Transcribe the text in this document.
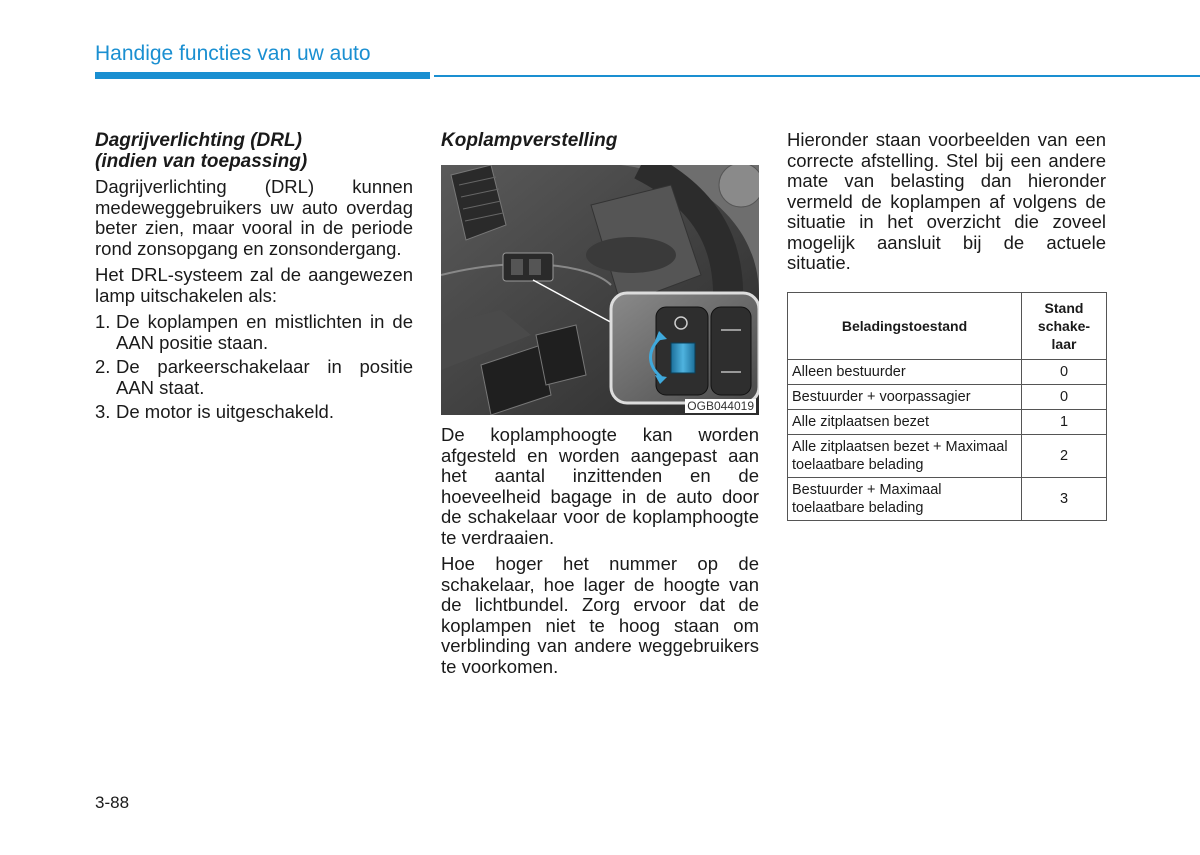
Handige functies van uw auto
Dagrijverlichting (DRL)
(indien van toepassing)

Dagrijverlichting (DRL) kunnen medeweggebruikers uw auto overdag beter zien, maar vooral in de periode rond zonsopgang en zonsondergang.

Het DRL-systeem zal de aangewezen lamp uitschakelen als:

1. De koplampen en mistlichten in de AAN positie staan.
2. De parkeerschakelaar in positie AAN staat.
3. De motor is uitgeschakeld.
Koplampverstelling
OGB044019

De koplamphoogte kan worden afgesteld en worden aangepast aan het aantal inzittenden en de hoeveelheid bagage in de auto door de schakelaar voor de koplamphoogte te verdraaien.

Hoe hoger het nummer op de schakelaar, hoe lager de hoogte van de lichtbundel. Zorg ervoor dat de koplampen niet te hoog staan om verblinding van andere weggebruikers te voorkomen.

Hieronder staan voorbeelden van een correcte afstelling. Stel bij een andere mate van belasting dan hieronder vermeld de koplampen af volgens de situatie in het overzicht die zoveel mogelijk aansluit bij de actuele situatie.

Beladingstoestand	Stand schake-laar
Alleen bestuurder	0
Bestuurder + voorpassagier	0
Alle zitplaatsen bezet	1
Alle zitplaatsen bezet + Maximaal toelaatbare belading	2
Bestuurder + Maximaal toelaatbare belading	3
3-88
